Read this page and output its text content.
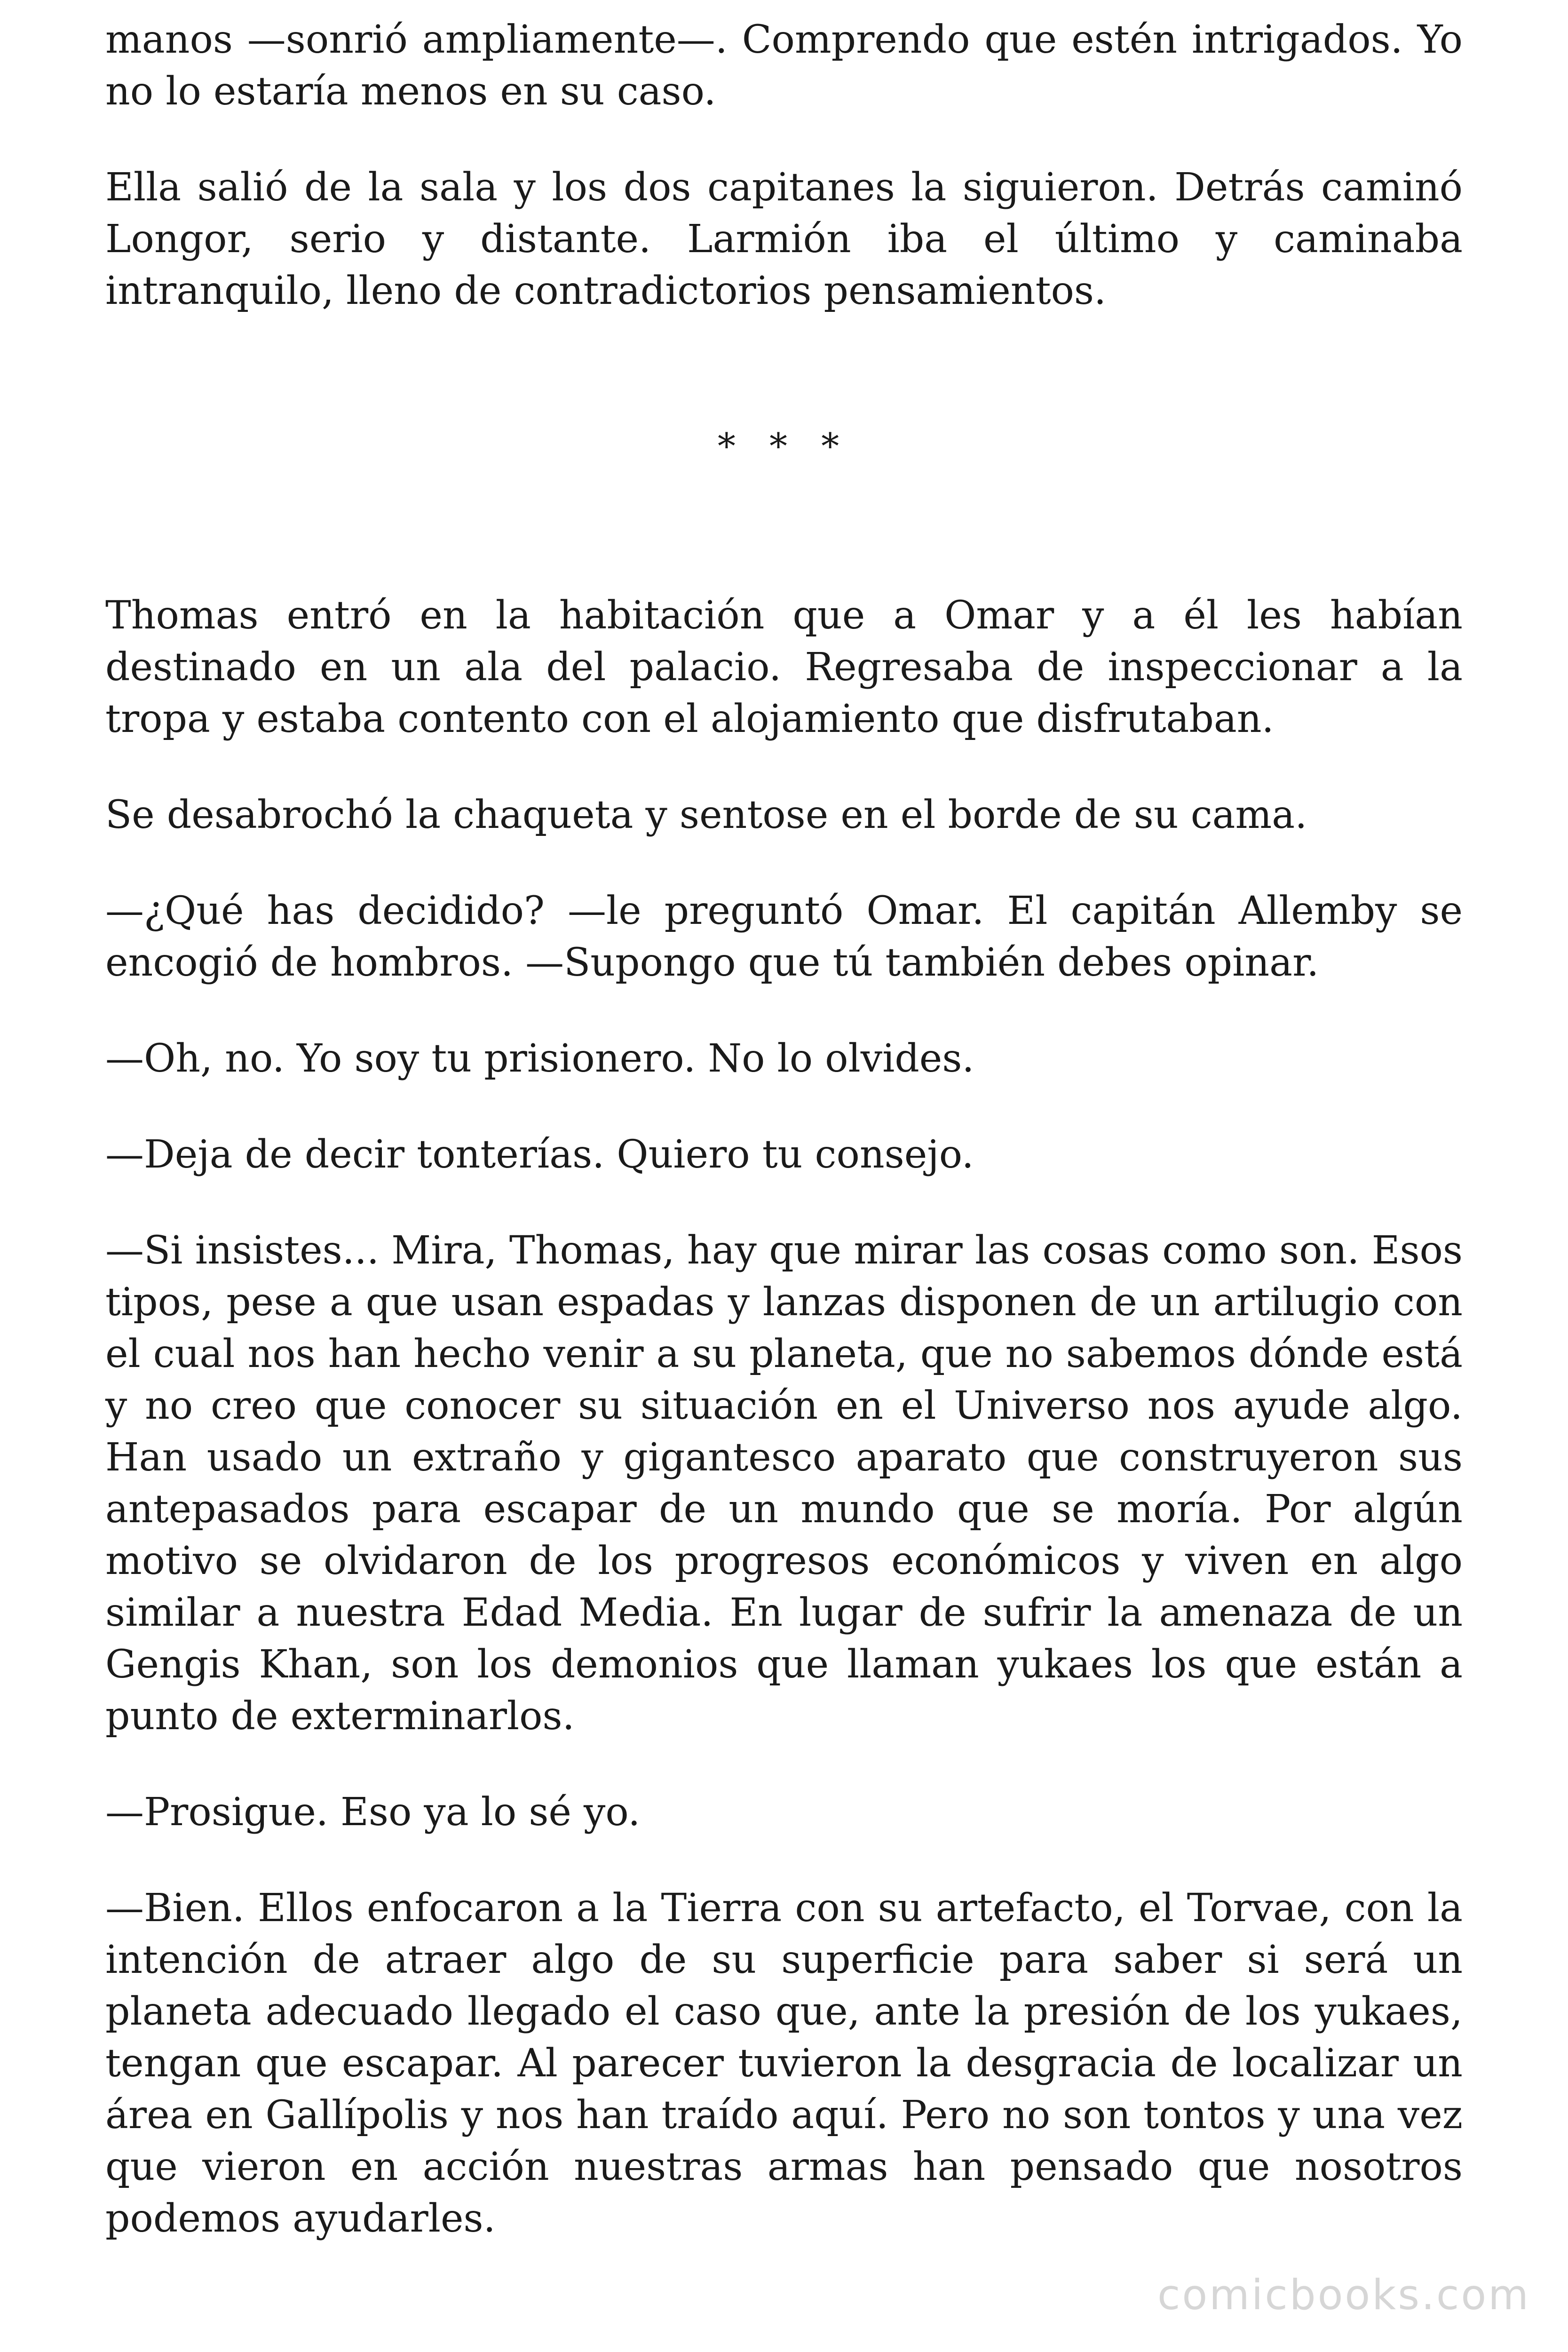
manos —sonrió ampliamente—. Comprendo que estén intrigados. Yo no lo estaría menos en su caso.

Ella salió de la sala y los dos capitanes la siguieron. Detrás caminó Longor, serio y distante. Larmión iba el último y caminaba intranquilo, lleno de contradictorios pensamientos.

* * *

Thomas entró en la habitación que a Omar y a él les habían destinado en un ala del palacio. Regresaba de inspeccionar a la tropa y estaba contento con el alojamiento que disfrutaban.

Se desabrochó la chaqueta y sentose en el borde de su cama.

—¿Qué has decidido? —le preguntó Omar. El capitán Allemby se encogió de hombros. —Supongo que tú también debes opinar.

—Oh, no. Yo soy tu prisionero. No lo olvides.

—Deja de decir tonterías. Quiero tu consejo.

—Si insistes... Mira, Thomas, hay que mirar las cosas como son. Esos tipos, pese a que usan espadas y lanzas disponen de un artilugio con el cual nos han hecho venir a su planeta, que no sabemos dónde está y no creo que conocer su situación en el Universo nos ayude algo. Han usado un extraño y gigantesco aparato que construyeron sus antepasados para escapar de un mundo que se moría. Por algún motivo se olvidaron de los progresos económicos y viven en algo similar a nuestra Edad Media. En lugar de sufrir la amenaza de un Gengis Khan, son los demonios que llaman yukaes los que están a punto de exterminarlos.

—Prosigue. Eso ya lo sé yo.

—Bien. Ellos enfocaron a la Tierra con su artefacto, el Torvae, con la intención de atraer algo de su superficie para saber si será un planeta adecuado llegado el caso que, ante la presión de los yukaes, tengan que escapar. Al parecer tuvieron la desgracia de localizar un área en Gallípolis y nos han traído aquí. Pero no son tontos y una vez que vieron en acción nuestras armas han pensado que nosotros podemos ayudarles.

comicbooks.com
